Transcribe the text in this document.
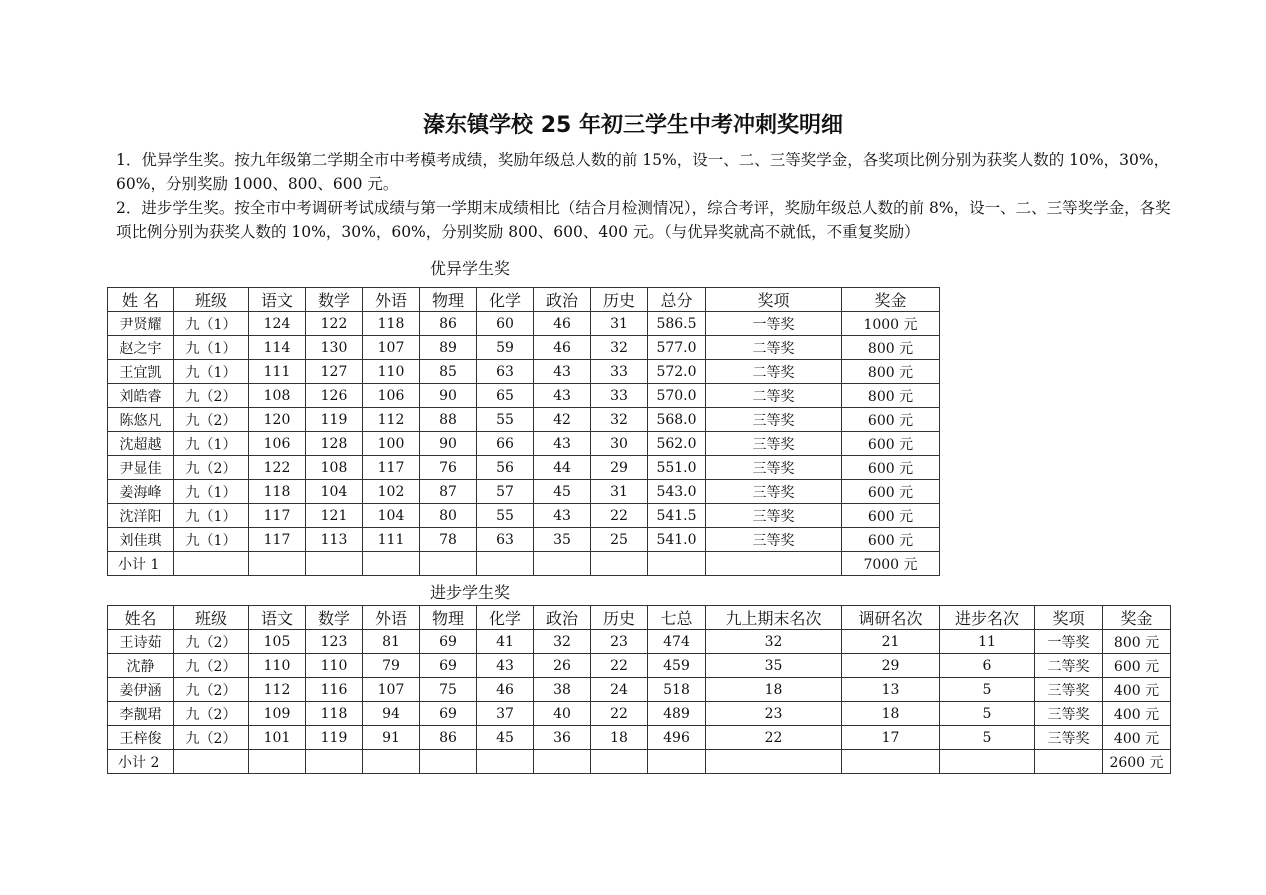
溱东镇学校 25 年初三学生中考冲刺奖明细
1．优异学生奖。按九年级第二学期全市中考模考成绩，奖励年级总人数的前 15%，设一、二、三等奖学金，各奖项比例分别为获奖人数的 10%，30%，60%，分别奖励 1000、800、600 元。
2．进步学生奖。按全市中考调研考试成绩与第一学期末成绩相比（结合月检测情况），综合考评，奖励年级总人数的前 8%，设一、二、三等奖学金，各奖项比例分别为获奖人数的 10%，30%，60%，分别奖励 800、600、400 元。（与优异奖就高不就低，不重复奖励）
优异学生奖
姓 名	班级	语文	数学	外语	物理	化学	政治	历史	总分	奖项	奖金
尹贤耀	九（1）	124	122	118	86	60	46	31	586.5	一等奖	1000 元
赵之宇	九（1）	114	130	107	89	59	46	32	577.0	二等奖	800 元
王宜凯	九（1）	111	127	110	85	63	43	33	572.0	二等奖	800 元
刘皓睿	九（2）	108	126	106	90	65	43	33	570.0	二等奖	800 元
陈悠凡	九（2）	120	119	112	88	55	42	32	568.0	三等奖	600 元
沈超越	九（1）	106	128	100	90	66	43	30	562.0	三等奖	600 元
尹显佳	九（2）	122	108	117	76	56	44	29	551.0	三等奖	600 元
姜海峰	九（1）	118	104	102	87	57	45	31	543.0	三等奖	600 元
沈洋阳	九（1）	117	121	104	80	55	43	22	541.5	三等奖	600 元
刘佳琪	九（1）	117	113	111	78	63	35	25	541.0	三等奖	600 元
小计 1											7000 元
进步学生奖
姓名	班级	语文	数学	外语	物理	化学	政治	历史	七总	九上期末名次	调研名次	进步名次	奖项	奖金
王诗茹	九（2）	105	123	81	69	41	32	23	474	32	21	11	一等奖	800 元
沈静	九（2）	110	110	79	69	43	26	22	459	35	29	6	二等奖	600 元
姜伊涵	九（2）	112	116	107	75	46	38	24	518	18	13	5	三等奖	400 元
李靓珺	九（2）	109	118	94	69	37	40	22	489	23	18	5	三等奖	400 元
王梓俊	九（2）	101	119	91	86	45	36	18	496	22	17	5	三等奖	400 元
小计 2														2600 元
